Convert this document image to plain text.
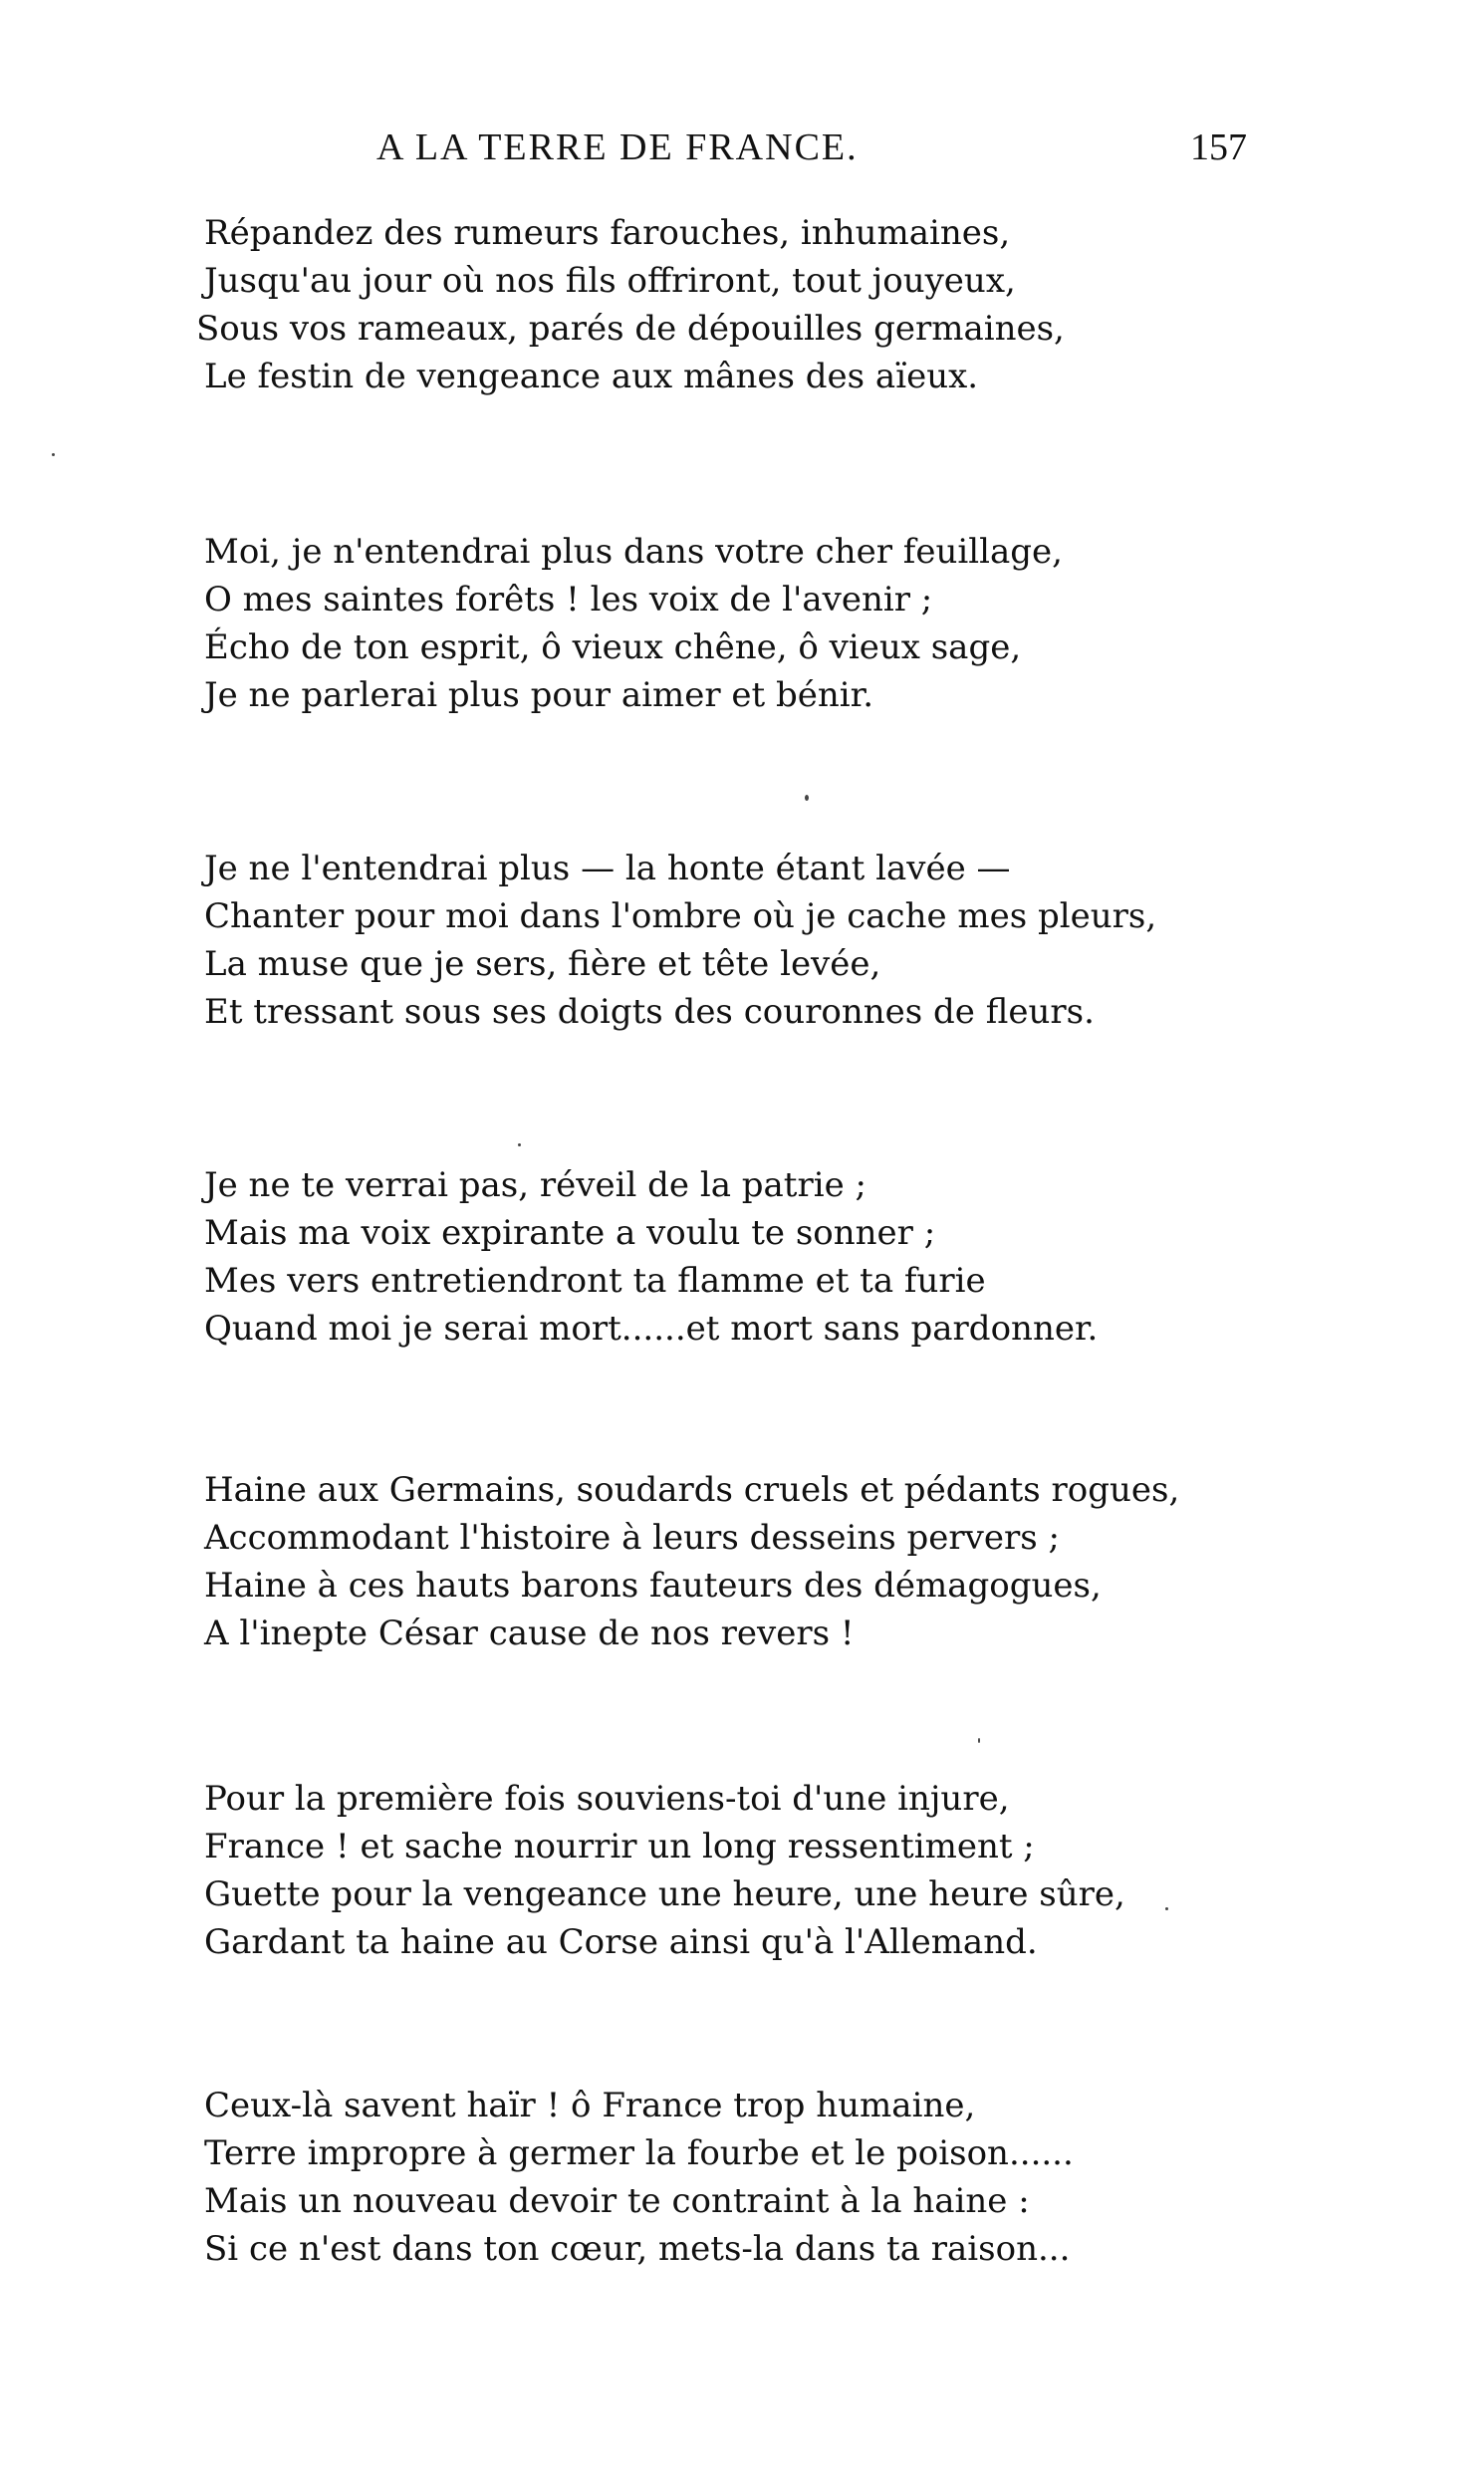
A LA TERRE DE FRANCE.	157
Répandez des rumeurs farouches, inhumaines,
Jusqu'au jour où nos fils offriront, tout jouyeux,
Sous vos rameaux, parés de dépouilles germaines,
Le festin de vengeance aux mânes des aïeux.
Moi, je n'entendrai plus dans votre cher feuillage,
O mes saintes forêts ! les voix de l'avenir ;
Écho de ton esprit, ô vieux chêne, ô vieux sage,
Je ne parlerai plus pour aimer et bénir.
Je ne l'entendrai plus — la honte étant lavée —
Chanter pour moi dans l'ombre où je cache mes pleurs,
La muse que je sers, fière et tête levée,
Et tressant sous ses doigts des couronnes de fleurs.
Je ne te verrai pas, réveil de la patrie ;
Mais ma voix expirante a voulu te sonner ;
Mes vers entretiendront ta flamme et ta furie
Quand moi je serai mort......et mort sans pardonner.
Haine aux Germains, soudards cruels et pédants rogues,
Accommodant l'histoire à leurs desseins pervers ;
Haine à ces hauts barons fauteurs des démagogues,
A l'inepte César cause de nos revers !
Pour la première fois souviens-toi d'une injure,
France ! et sache nourrir un long ressentiment ;
Guette pour la vengeance une heure, une heure sûre,
Gardant ta haine au Corse ainsi qu'à l'Allemand.
Ceux-là savent haïr ! ô France trop humaine,
Terre impropre à germer la fourbe et le poison......
Mais un nouveau devoir te contraint à la haine :
Si ce n'est dans ton cœur, mets-la dans ta raison...
